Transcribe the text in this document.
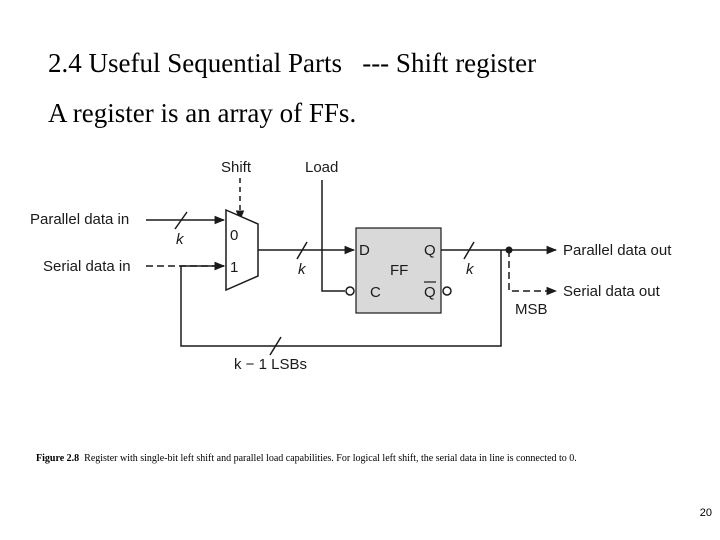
2.4 Useful Sequential Parts   --- Shift register
A register is an array of FFs.
Shift	Load
Parallel data in
k
Serial data in
0
1	k
D
C
FF
Q
Q
k
Parallel data out
Serial data out
MSB
k − 1 LSBs
Figure 2.8 Register with single-bit left shift and parallel load capabilities. For logical left shift, the serial data in line is connected to 0.
20
